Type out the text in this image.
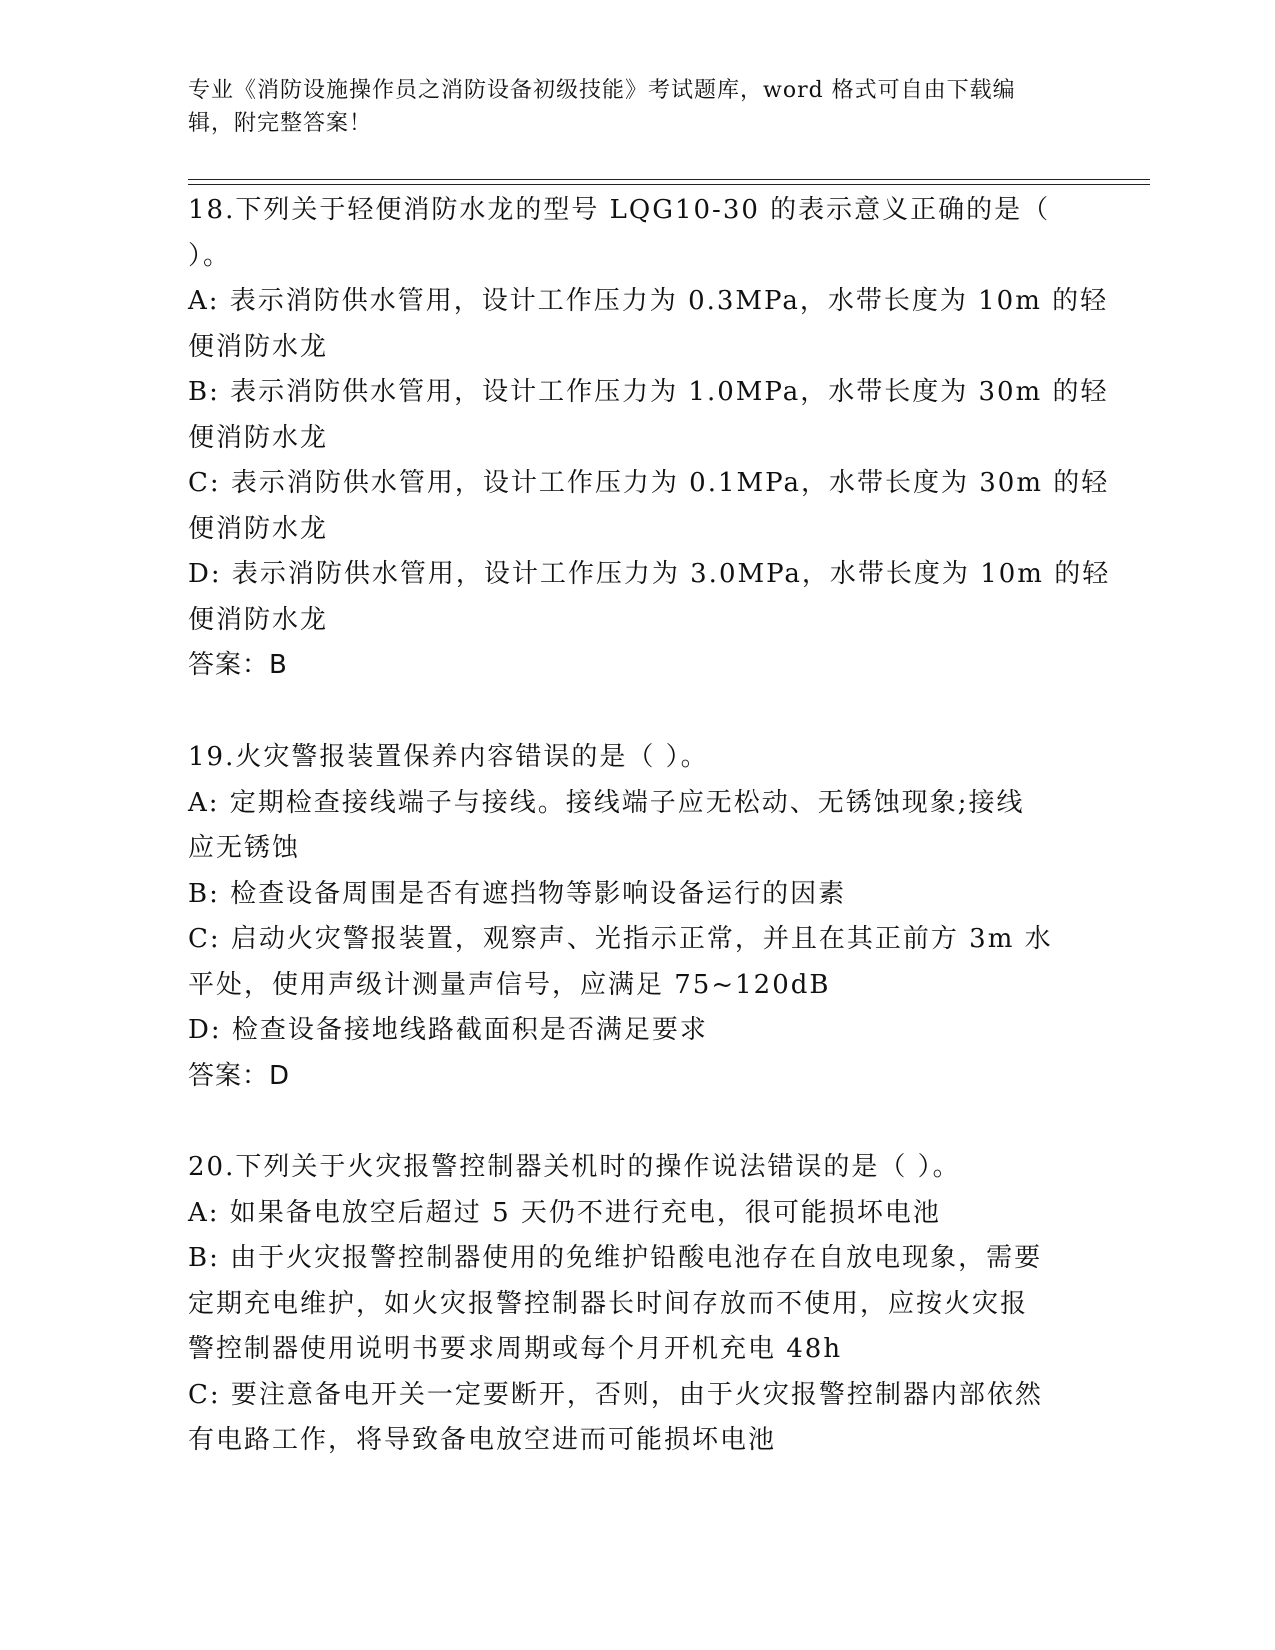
专业《消防设施操作员之消防设备初级技能》考试题库，word 格式可自由下载编
辑，附完整答案！
18.下列关于轻便消防水龙的型号 LQG10-30 的表示意义正确的是（
）。
A: 表示消防供水管用，设计工作压力为 0.3MPa，水带长度为 10m 的轻
便消防水龙
B: 表示消防供水管用，设计工作压力为 1.0MPa，水带长度为 30m 的轻
便消防水龙
C: 表示消防供水管用，设计工作压力为 0.1MPa，水带长度为 30m 的轻
便消防水龙
D: 表示消防供水管用，设计工作压力为 3.0MPa，水带长度为 10m 的轻
便消防水龙
答案：B
19.火灾警报装置保养内容错误的是（ ）。
A: 定期检查接线端子与接线。接线端子应无松动、无锈蚀现象;接线
应无锈蚀
B: 检查设备周围是否有遮挡物等影响设备运行的因素
C: 启动火灾警报装置，观察声、光指示正常，并且在其正前方 3m 水
平处，使用声级计测量声信号，应满足 75~120dB
D: 检查设备接地线路截面积是否满足要求
答案：D
20.下列关于火灾报警控制器关机时的操作说法错误的是（ ）。
A: 如果备电放空后超过 5 天仍不进行充电，很可能损坏电池
B: 由于火灾报警控制器使用的免维护铅酸电池存在自放电现象，需要
定期充电维护，如火灾报警控制器长时间存放而不使用，应按火灾报
警控制器使用说明书要求周期或每个月开机充电 48h
C: 要注意备电开关一定要断开，否则，由于火灾报警控制器内部依然
有电路工作，将导致备电放空进而可能损坏电池
